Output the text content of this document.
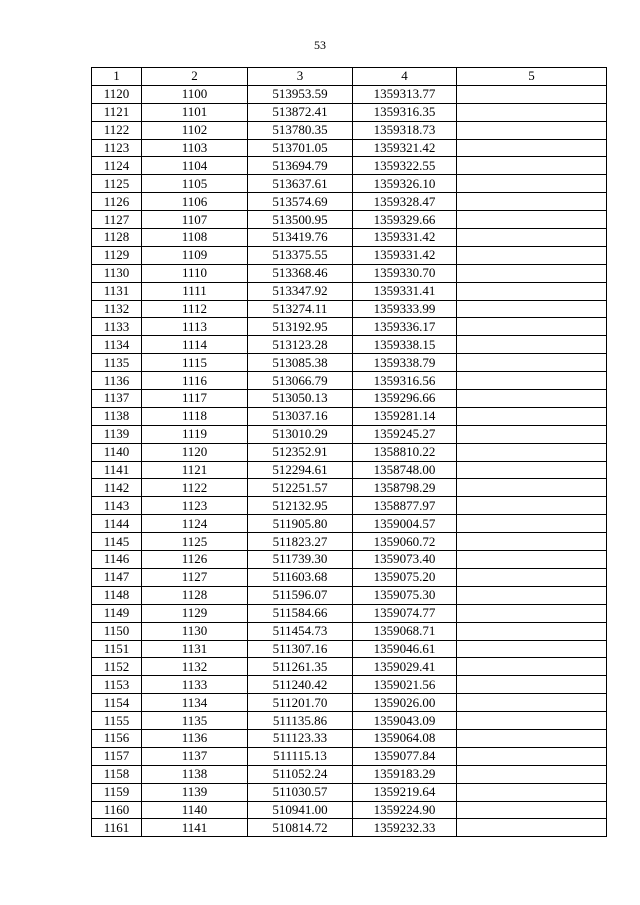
53
1	2	3	4	5
1120	1100	513953.59	1359313.77	
1121	1101	513872.41	1359316.35	
1122	1102	513780.35	1359318.73	
1123	1103	513701.05	1359321.42	
1124	1104	513694.79	1359322.55	
1125	1105	513637.61	1359326.10	
1126	1106	513574.69	1359328.47	
1127	1107	513500.95	1359329.66	
1128	1108	513419.76	1359331.42	
1129	1109	513375.55	1359331.42	
1130	1110	513368.46	1359330.70	
1131	1111	513347.92	1359331.41	
1132	1112	513274.11	1359333.99	
1133	1113	513192.95	1359336.17	
1134	1114	513123.28	1359338.15	
1135	1115	513085.38	1359338.79	
1136	1116	513066.79	1359316.56	
1137	1117	513050.13	1359296.66	
1138	1118	513037.16	1359281.14	
1139	1119	513010.29	1359245.27	
1140	1120	512352.91	1358810.22	
1141	1121	512294.61	1358748.00	
1142	1122	512251.57	1358798.29	
1143	1123	512132.95	1358877.97	
1144	1124	511905.80	1359004.57	
1145	1125	511823.27	1359060.72	
1146	1126	511739.30	1359073.40	
1147	1127	511603.68	1359075.20	
1148	1128	511596.07	1359075.30	
1149	1129	511584.66	1359074.77	
1150	1130	511454.73	1359068.71	
1151	1131	511307.16	1359046.61	
1152	1132	511261.35	1359029.41	
1153	1133	511240.42	1359021.56	
1154	1134	511201.70	1359026.00	
1155	1135	511135.86	1359043.09	
1156	1136	511123.33	1359064.08	
1157	1137	511115.13	1359077.84	
1158	1138	511052.24	1359183.29	
1159	1139	511030.57	1359219.64	
1160	1140	510941.00	1359224.90	
1161	1141	510814.72	1359232.33	
